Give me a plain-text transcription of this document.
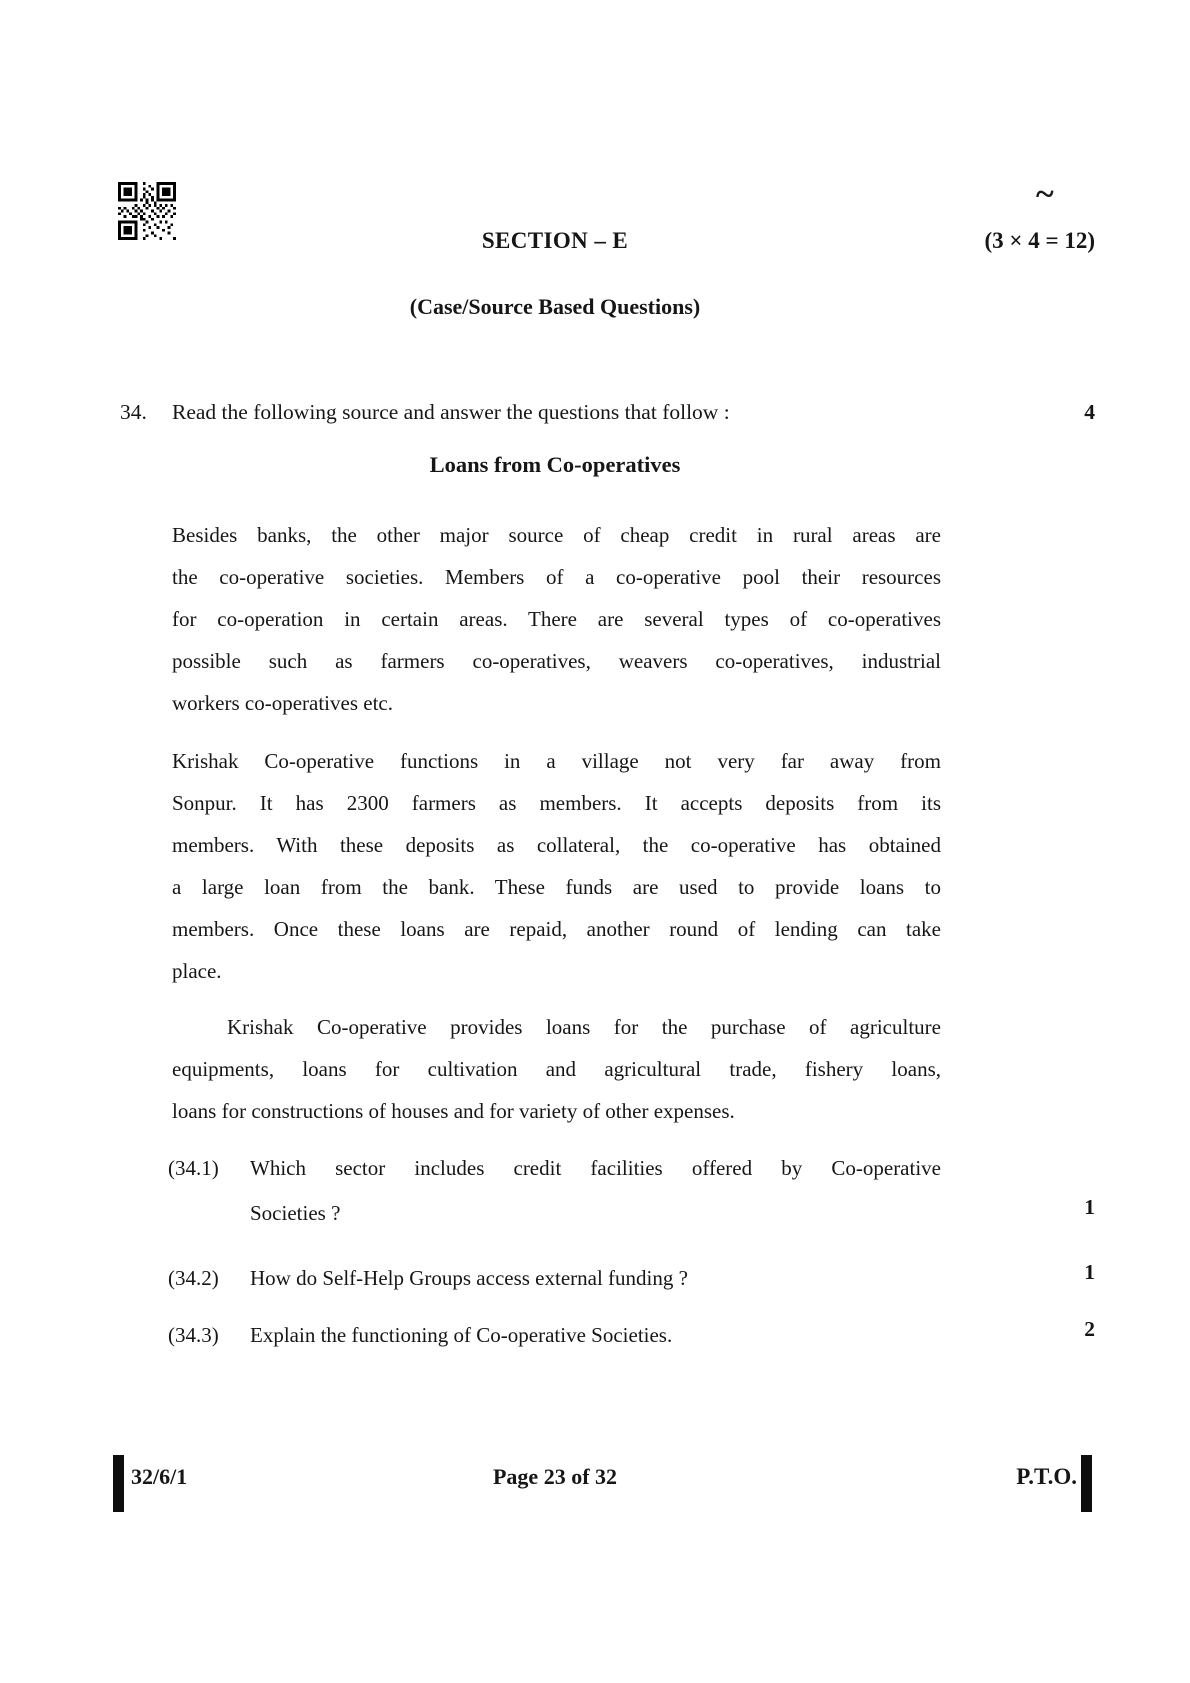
~
SECTION – E	(3 × 4 = 12)
(Case/Source Based Questions)
34. Read the following source and answer the questions that follow :	4
Loans from Co-operatives
Besides banks, the other major source of cheap credit in rural areas are
the co-operative societies. Members of a co-operative pool their resources
for co-operation in certain areas. There are several types of co-operatives
possible such as farmers co-operatives, weavers co-operatives, industrial
workers co-operatives etc.
Krishak Co-operative functions in a village not very far away from
Sonpur. It has 2300 farmers as members. It accepts deposits from its
members. With these deposits as collateral, the co-operative has obtained
a large loan from the bank. These funds are used to provide loans to
members. Once these loans are repaid, another round of lending can take
place.
Krishak Co-operative provides loans for the purchase of agriculture
equipments, loans for cultivation and agricultural trade, fishery loans,
loans for constructions of houses and for variety of other expenses.
(34.1) Which sector includes credit facilities offered by Co-operative
Societies ?	1
(34.2) How do Self-Help Groups access external funding ?	1
(34.3) Explain the functioning of Co-operative Societies.	2
32/6/1	Page 23 of 32	P.T.O.
